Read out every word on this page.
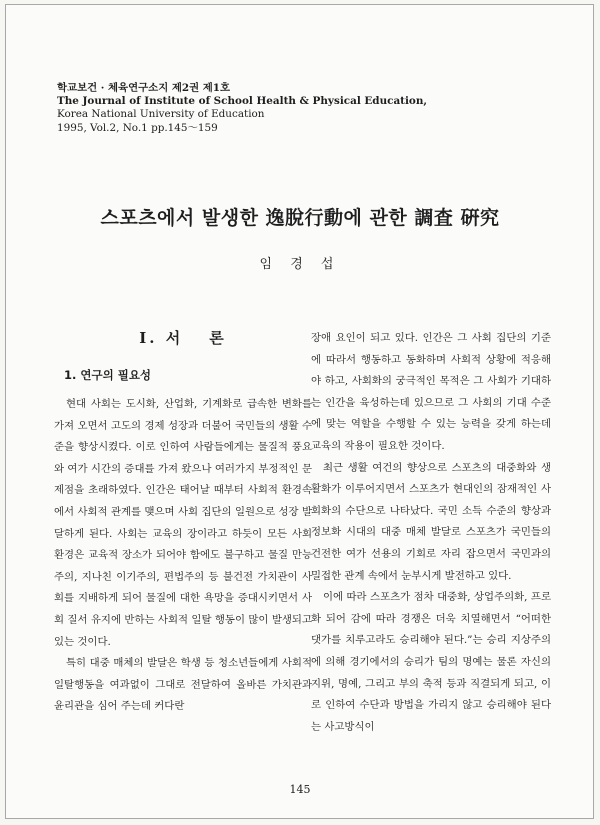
학교보건 · 체육연구소지 제2권 제1호
The Journal of Institute of School Health & Physical Education,
Korea National University of Education
1995, Vol.2, No.1 pp.145～159
스포츠에서 발생한 逸脫行動에 관한 調査 硏究
임 경 섭
Ⅰ. 서 론
1. 연구의 필요성

현대 사회는 도시화, 산업화, 기계화로 급속한 변화를 가져 오면서 고도의 경제 성장과 더불어 국민들의 생활 수준을 향상시켰다. 이로 인하여 사람들에게는 물질적 풍요와 여가 시간의 증대를 가져 왔으나 여러가지 부정적인 문제점을 초래하였다. 인간은 태어날 때부터 사회적 환경속에서 사회적 관계를 맺으며 사회 집단의 일원으로 성장 발달하게 된다. 사회는 교육의 장이라고 하듯이 모든 사회 환경은 교육적 장소가 되어야 함에도 불구하고 물질 만능주의, 지나친 이기주의, 편법주의 등 불건전 가치관이 사회를 지배하게 되어 물질에 대한 욕망을 증대시키면서 사회 질서 유지에 반하는 사회적 일탈 행동이 많이 발생되고 있는 것이다.

특히 대중 매체의 발달은 학생 등 청소년들에게 사회적 일탈행동을 여과없이 그대로 전달하여 올바른 가치관과 윤리관을 심어 주는데 커다란

장애 요인이 되고 있다. 인간은 그 사회 집단의 기준에 따라서 행동하고 동화하며 사회적 상황에 적응해야 하고, 사회화의 궁극적인 목적은 그 사회가 기대하는 인간을 육성하는데 있으므로 그 사회의 기대 수준에 맞는 역할을 수행할 수 있는 능력을 갖게 하는데 교육의 작용이 필요한 것이다.

최근 생활 여건의 향상으로 스포츠의 대중화와 생활화가 이루어지면서 스포츠가 현대인의 잠재적인 사회화의 수단으로 나타났다. 국민 소득 수준의 향상과 정보화 시대의 대중 매체 발달로 스포츠가 국민들의 건전한 여가 선용의 기회로 자리 잡으면서 국민과의 밀접한 관계 속에서 눈부시게 발전하고 있다.

이에 따라 스포츠가 점차 대중화, 상업주의화, 프로화 되어 감에 따라 경쟁은 더욱 치열해면서 “어떠한 댓가를 치루고라도 승리해야 된다.”는 승리 지상주의에 의해 경기에서의 승리가 팀의 명예는 물론 자신의 지위, 명예, 그리고 부의 축적 등과 직결되게 되고, 이로 인하여 수단과 방법을 가리지 않고 승리해야 된다는 사고방식이

145
